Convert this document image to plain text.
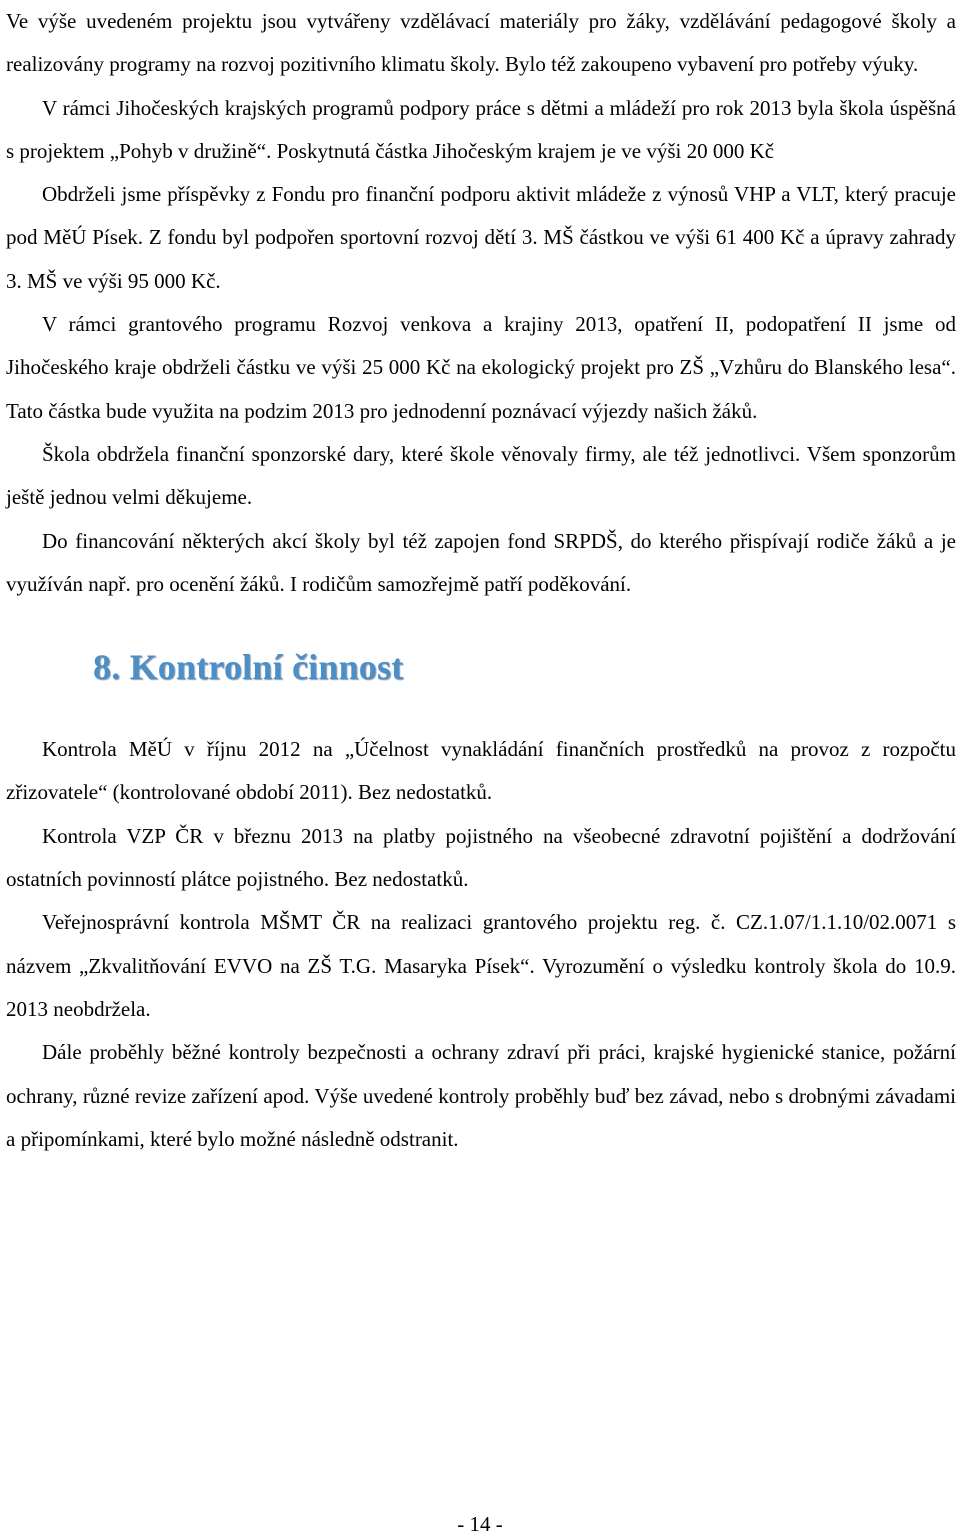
Ve výše uvedeném projektu jsou vytvářeny vzdělávací materiály pro žáky, vzdělávání pedagogové školy a realizovány programy na rozvoj pozitivního klimatu školy. Bylo též zakoupeno vybavení pro potřeby výuky.

V rámci Jihočeských krajských programů podpory práce s dětmi a mládeží pro rok 2013 byla škola úspěšná s projektem „Pohyb v družině“. Poskytnutá částka Jihočeským krajem je ve výši 20 000 Kč

Obdrželi jsme příspěvky z Fondu pro finanční podporu aktivit mládeže z výnosů VHP a VLT, který pracuje pod MěÚ Písek. Z fondu byl podpořen sportovní rozvoj dětí 3. MŠ částkou ve výši 61 400 Kč a úpravy zahrady 3. MŠ ve výši 95 000 Kč.

V rámci grantového programu Rozvoj venkova a krajiny 2013, opatření II, podopatření II jsme od Jihočeského kraje obdrželi částku ve výši 25 000 Kč na ekologický projekt pro ZŠ „Vzhůru do Blanského lesa“. Tato částka bude využita na podzim 2013 pro jednodenní poznávací výjezdy našich žáků.

Škola obdržela finanční sponzorské dary, které škole věnovaly firmy, ale též jednotlivci. Všem sponzorům ještě jednou velmi děkujeme.

Do financování některých akcí školy byl též zapojen fond SRPDŠ, do kterého přispívají rodiče žáků a je využíván např. pro ocenění žáků. I rodičům samozřejmě patří poděkování.

8. Kontrolní činnost

Kontrola MěÚ v říjnu 2012 na „Účelnost vynakládání finančních prostředků na provoz z rozpočtu zřizovatele“ (kontrolované období 2011). Bez nedostatků.

Kontrola VZP ČR v březnu 2013 na platby pojistného na všeobecné zdravotní pojištění a dodržování ostatních povinností plátce pojistného. Bez nedostatků.

Veřejnosprávní kontrola MŠMT ČR na realizaci grantového projektu reg. č. CZ.1.07/1.1.10/02.0071 s názvem „Zkvalitňování EVVO na ZŠ T.G. Masaryka Písek“. Vyrozumění o výsledku kontroly škola do 10.9. 2013 neobdržela.

Dále proběhly běžné kontroly bezpečnosti a ochrany zdraví při práci, krajské hygienické stanice, požární ochrany, různé revize zařízení apod. Výše uvedené kontroly proběhly buď bez závad, nebo s drobnými závadami a připomínkami, které bylo možné následně odstranit.

- 14 -
